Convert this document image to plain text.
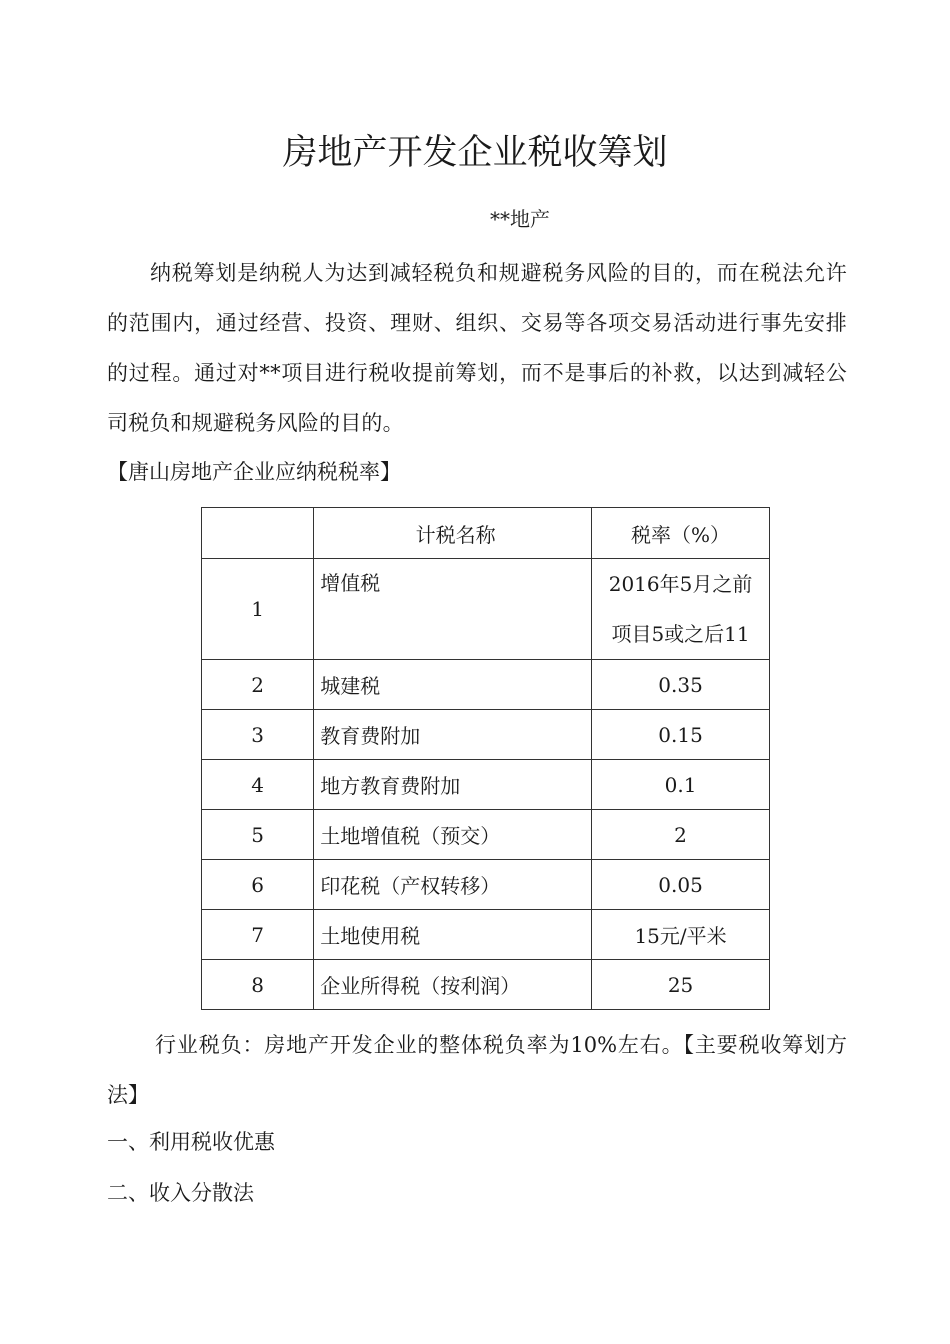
房地产开发企业税收筹划
**地产

纳税筹划是纳税人为达到减轻税负和规避税务风险的目的，而在税法允许的范围内，通过经营、投资、理财、组织、交易等各项交易活动进行事先安排的过程。通过对**项目进行税收提前筹划，而不是事后的补救，以达到减轻公司税负和规避税务风险的目的。

【唐山房地产企业应纳税税率】
	计税名称	税率（%）
1	增值税	2016年5月之前
项目5或之后11

2	城建税	0.35
3	教育费附加	0.15
4	地方教育费附加	0.1
5	土地增值税（预交）	2
6	印花税（产权转移）	0.05
7	土地使用税	15元/平米
8	企业所得税（按利润）	25

行业税负：房地产开发企业的整体税负率为10%左右。【主要税收筹划方法】

一、利用税收优惠
二、收入分散法
